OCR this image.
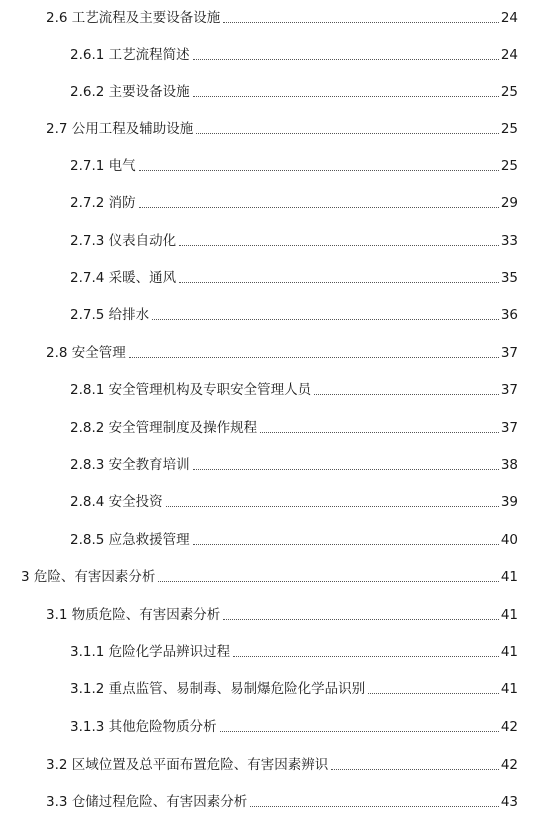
2.6 工艺流程及主要设备设施	24
2.6.1 工艺流程简述	24
2.6.2 主要设备设施	25
2.7 公用工程及辅助设施	25
2.7.1 电气	25
2.7.2 消防	29
2.7.3 仪表自动化	33
2.7.4 采暖、通风	35
2.7.5 给排水	36
2.8 安全管理	37
2.8.1 安全管理机构及专职安全管理人员	37
2.8.2 安全管理制度及操作规程	37
2.8.3 安全教育培训	38
2.8.4 安全投资	39
2.8.5 应急救援管理	40
3 危险、有害因素分析	41
3.1 物质危险、有害因素分析	41
3.1.1 危险化学品辨识过程	41
3.1.2 重点监管、易制毒、易制爆危险化学品识别	41
3.1.3 其他危险物质分析	42
3.2 区域位置及总平面布置危险、有害因素辨识	42
3.3 仓储过程危险、有害因素分析	43
